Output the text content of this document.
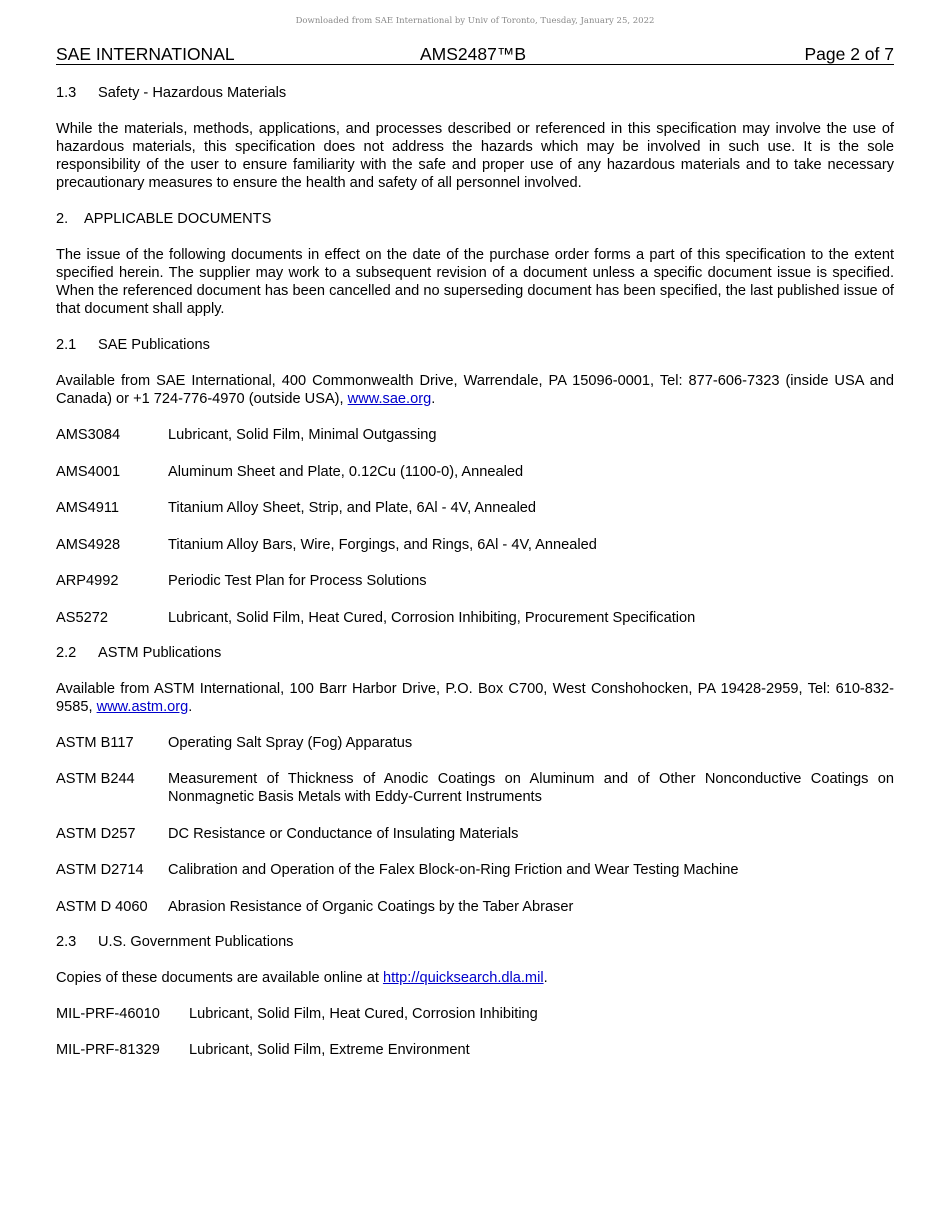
Downloaded from SAE International by Univ of Toronto, Tuesday, January 25, 2022
SAE INTERNATIONAL	AMS2487™B	Page 2 of 7
1.3 Safety - Hazardous Materials

While the materials, methods, applications, and processes described or referenced in this specification may involve the use of hazardous materials, this specification does not address the hazards which may be involved in such use. It is the sole responsibility of the user to ensure familiarity with the safe and proper use of any hazardous materials and to take necessary precautionary measures to ensure the health and safety of all personnel involved.

2. APPLICABLE DOCUMENTS

The issue of the following documents in effect on the date of the purchase order forms a part of this specification to the extent specified herein. The supplier may work to a subsequent revision of a document unless a specific document issue is specified. When the referenced document has been cancelled and no superseding document has been specified, the last published issue of that document shall apply.

2.1 SAE Publications

Available from SAE International, 400 Commonwealth Drive, Warrendale, PA 15096-0001, Tel: 877-606-7323 (inside USA and Canada) or +1 724-776-4970 (outside USA), www.sae.org.

AMS3084	Lubricant, Solid Film, Minimal Outgassing
AMS4001	Aluminum Sheet and Plate, 0.12Cu (1100-0), Annealed
AMS4911	Titanium Alloy Sheet, Strip, and Plate, 6Al - 4V, Annealed
AMS4928	Titanium Alloy Bars, Wire, Forgings, and Rings, 6Al - 4V, Annealed
ARP4992	Periodic Test Plan for Process Solutions
AS5272	Lubricant, Solid Film, Heat Cured, Corrosion Inhibiting, Procurement Specification
2.2 ASTM Publications

Available from ASTM International, 100 Barr Harbor Drive, P.O. Box C700, West Conshohocken, PA 19428-2959, Tel: 610-832-9585, www.astm.org.

ASTM B117	Operating Salt Spray (Fog) Apparatus
ASTM B244	Measurement of Thickness of Anodic Coatings on Aluminum and of Other Nonconductive Coatings on Nonmagnetic Basis Metals with Eddy-Current Instruments
ASTM D257	DC Resistance or Conductance of Insulating Materials
ASTM D2714	Calibration and Operation of the Falex Block-on-Ring Friction and Wear Testing Machine
ASTM D 4060	Abrasion Resistance of Organic Coatings by the Taber Abraser
2.3 U.S. Government Publications

Copies of these documents are available online at http://quicksearch.dla.mil.

MIL-PRF-46010	Lubricant, Solid Film, Heat Cured, Corrosion Inhibiting
MIL-PRF-81329	Lubricant, Solid Film, Extreme Environment
